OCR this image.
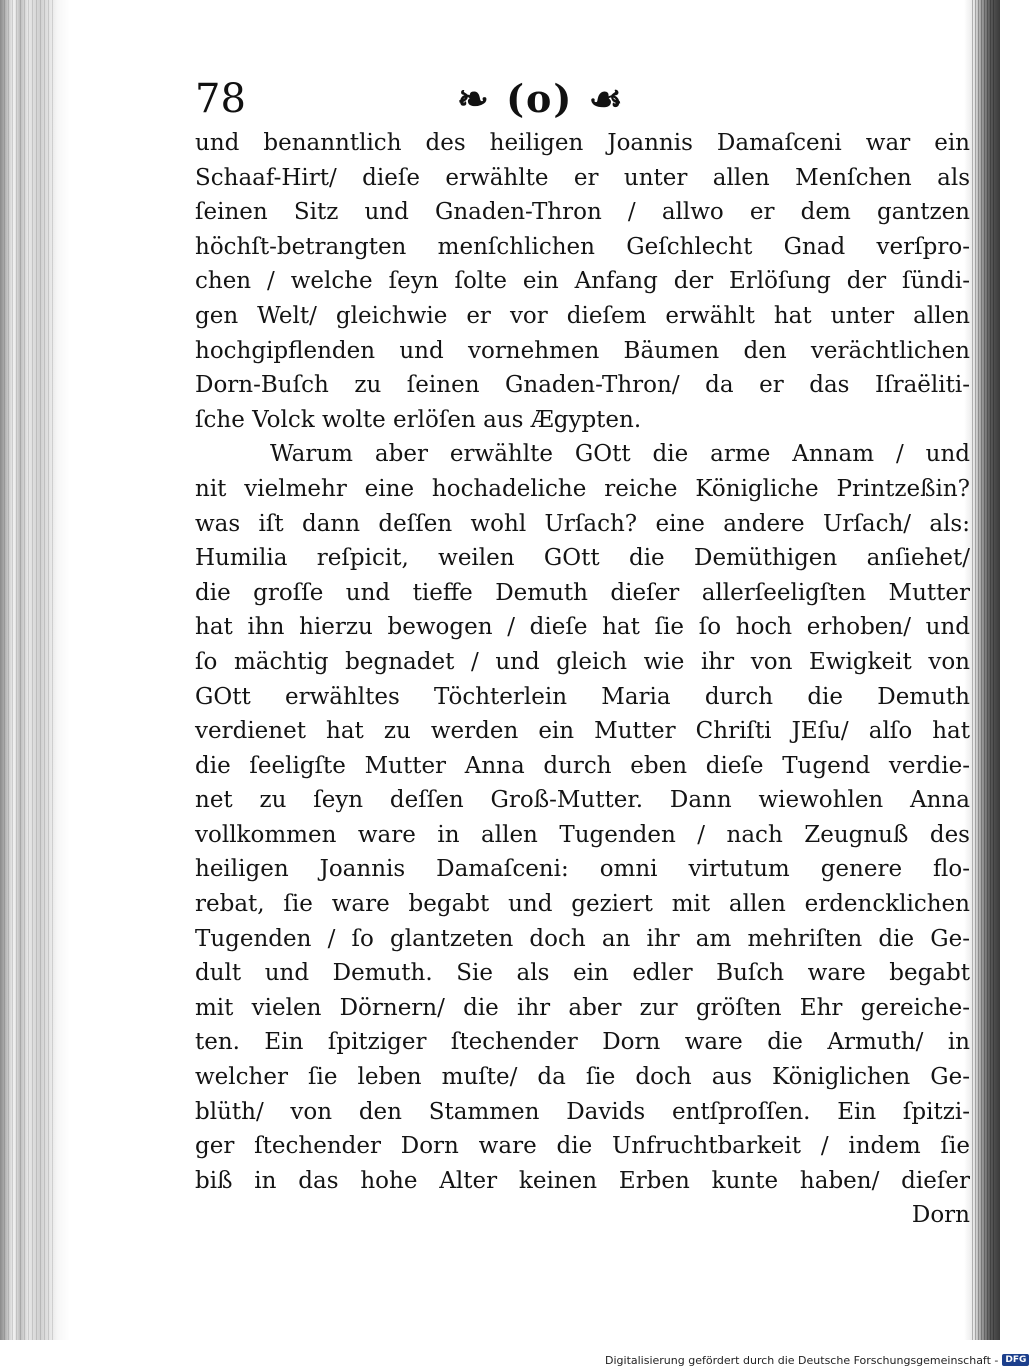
78	❧ (o) ☙
und benanntlich des heiligen Joannis Damaſceni war ein
Schaaf-Hirt/ dieſe erwählte er unter allen Menſchen als
ſeinen Sitz und Gnaden-Thron / allwo er dem gantzen
höchſt-betrangten menſchlichen Geſchlecht Gnad verſpro-
chen / welche ſeyn ſolte ein Anfang der Erlöſung der ſündi-
gen Welt/ gleichwie er vor dieſem erwählt hat unter allen
hochgipflenden und vornehmen Bäumen den verächtlichen
Dorn-Buſch zu ſeinen Gnaden-Thron/ da er das Iſraëliti-
ſche Volck wolte erlöſen aus Ægypten.
Warum aber erwählte GOtt die arme Annam / und
nit vielmehr eine hochadeliche reiche Königliche Printzeßin?
was iſt dann deſſen wohl Urſach? eine andere Urſach/ als:
Humilia reſpicit, weilen GOtt die Demüthigen anſiehet/
die groſſe und tieffe Demuth dieſer allerſeeligſten Mutter
hat ihn hierzu bewogen / dieſe hat ſie ſo hoch erhoben/ und
ſo mächtig begnadet / und gleich wie ihr von Ewigkeit von
GOtt erwähltes Töchterlein Maria durch die Demuth
verdienet hat zu werden ein Mutter Chriſti JEſu/ alſo hat
die ſeeligſte Mutter Anna durch eben dieſe Tugend verdie-
net zu ſeyn deſſen Groß-Mutter. Dann wiewohlen Anna
vollkommen ware in allen Tugenden / nach Zeugnuß des
heiligen Joannis Damaſceni: omni virtutum genere flo-
rebat, ſie ware begabt und geziert mit allen erdencklichen
Tugenden / ſo glantzeten doch an ihr am mehriſten die Ge-
dult und Demuth. Sie als ein edler Buſch ware begabt
mit vielen Dörnern/ die ihr aber zur gröſten Ehr gereiche-
ten. Ein ſpitziger ſtechender Dorn ware die Armuth/ in
welcher ſie leben muſte/ da ſie doch aus Königlichen Ge-
blüth/ von den Stammen Davids entſproſſen. Ein ſpitzi-
ger ſtechender Dorn ware die Unfruchtbarkeit / indem ſie
biß in das hohe Alter keinen Erben kunte haben/ dieſer
Dorn
Digitalisierung gefördert durch die Deutsche Forschungsgemeinschaft - DFG
